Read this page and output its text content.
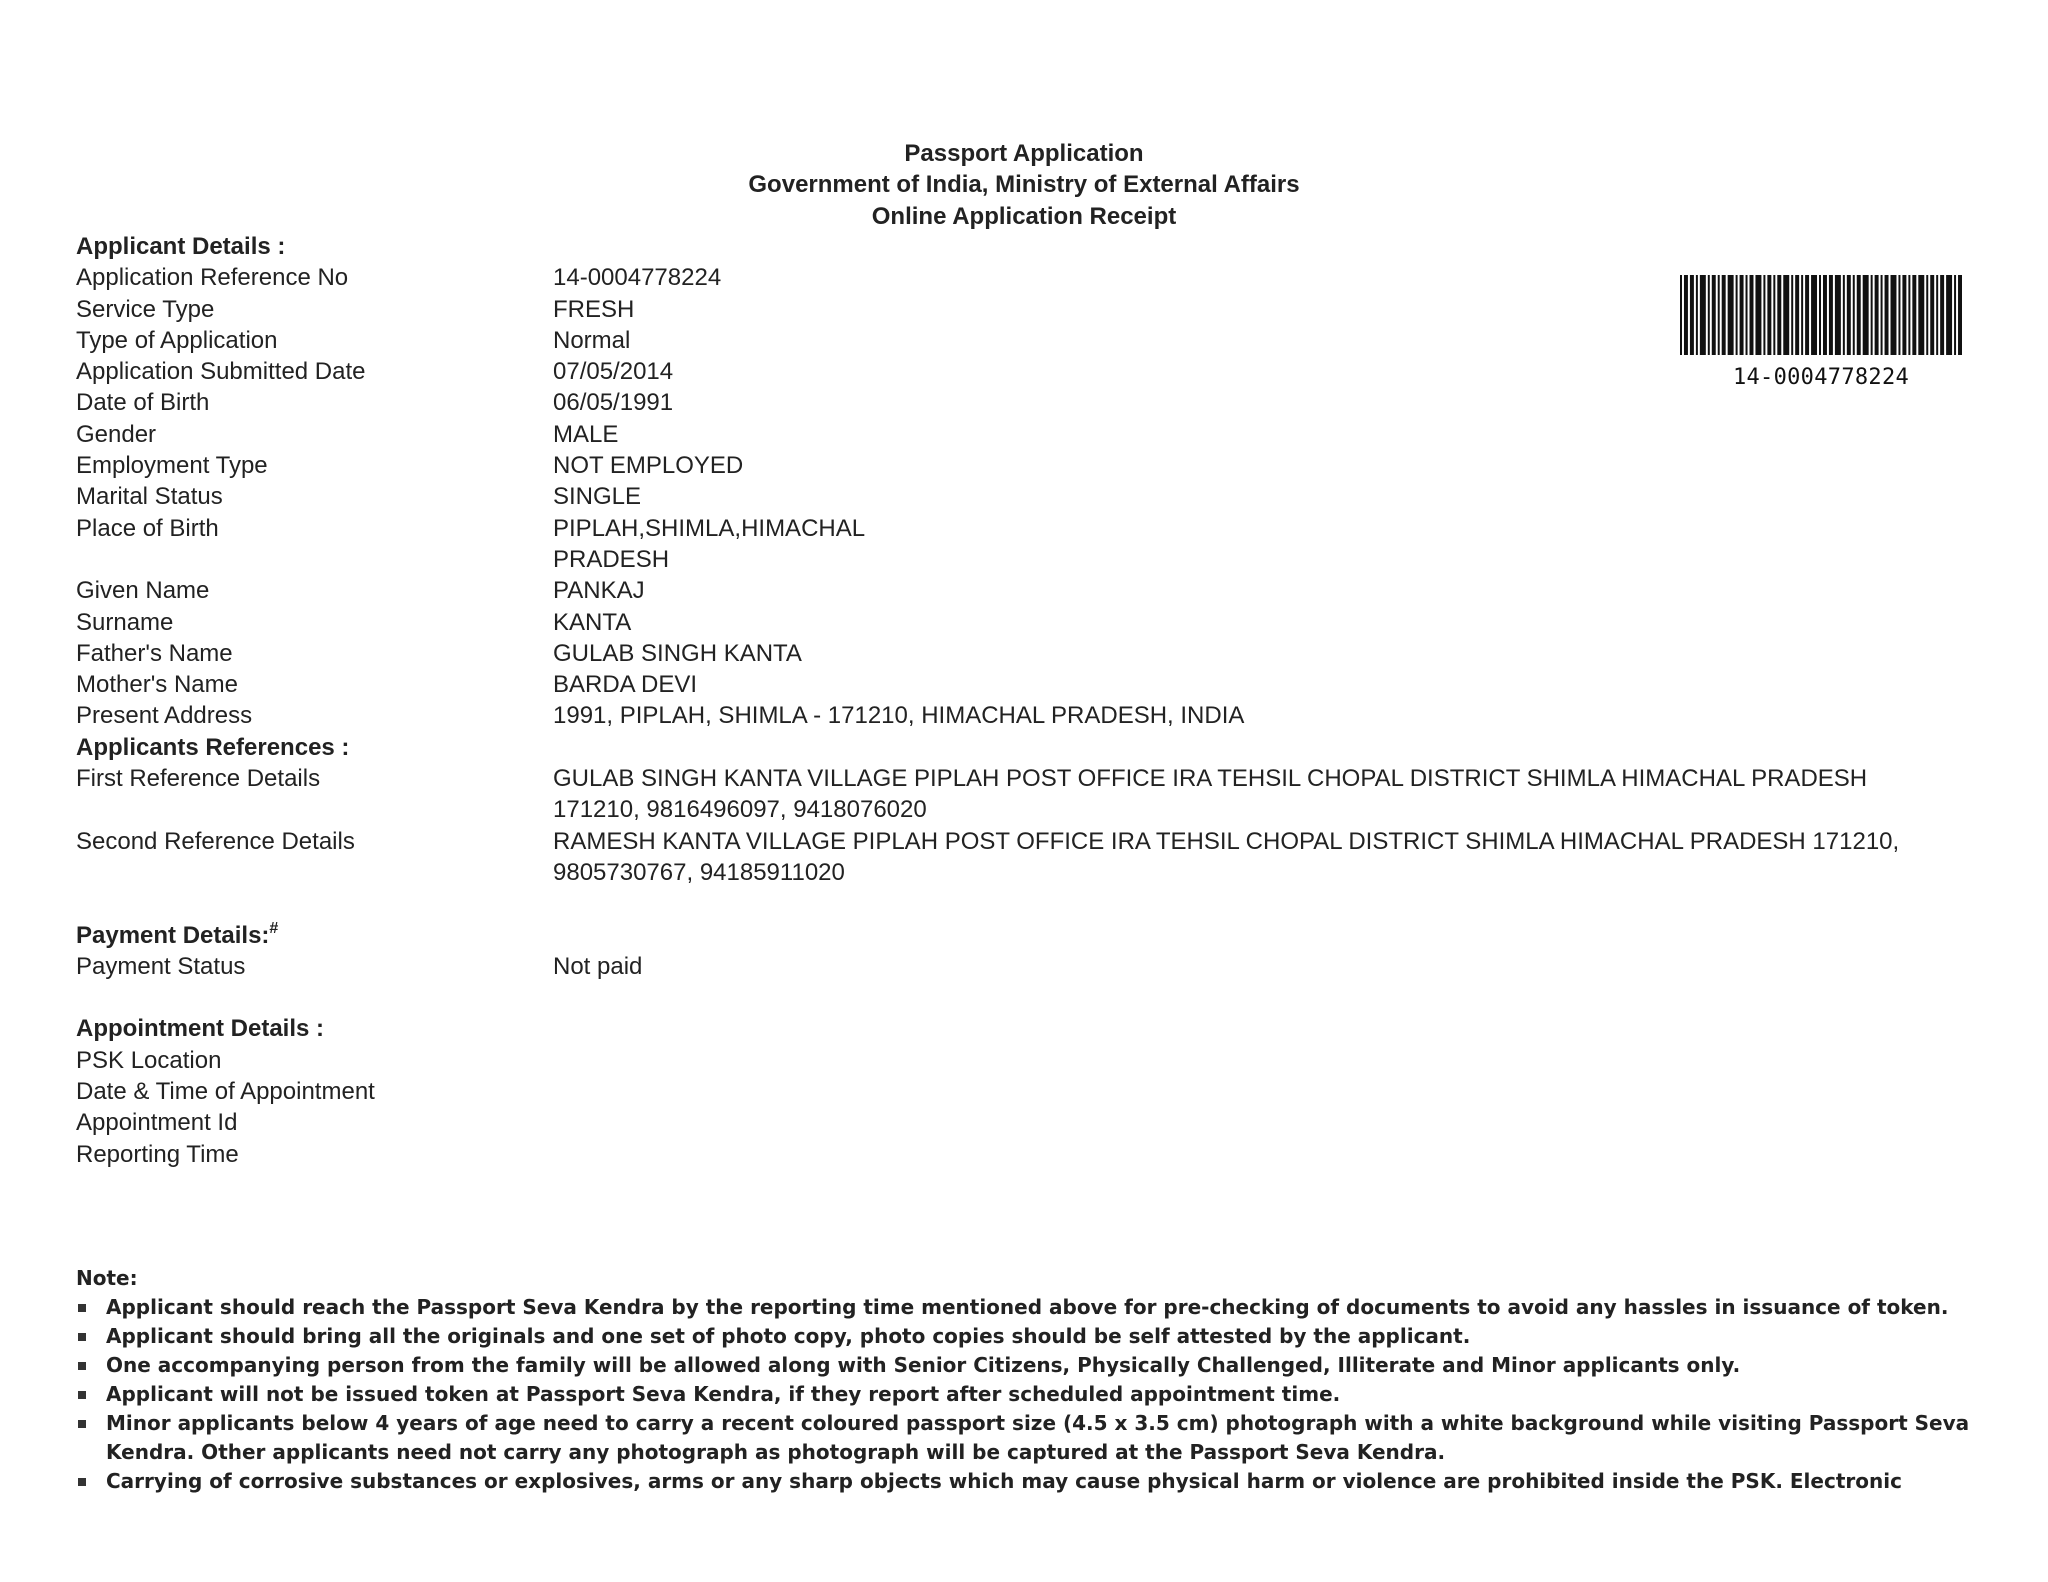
Passport Application
Government of India, Ministry of External Affairs
Online Application Receipt
14-0004778224
Applicant Details :
Application Reference No	14-0004778224
Service Type	FRESH
Type of Application	Normal
Application Submitted Date	07/05/2014
Date of Birth	06/05/1991
Gender	MALE
Employment Type	NOT EMPLOYED
Marital Status	SINGLE
Place of Birth	PIPLAH,SHIMLA,HIMACHAL
PRADESH
Given Name	PANKAJ
Surname	KANTA
Father's Name	GULAB SINGH KANTA
Mother's Name	BARDA DEVI
Present Address	1991, PIPLAH, SHIMLA - 171210, HIMACHAL PRADESH, INDIA
Applicants References :
First Reference Details	GULAB SINGH KANTA VILLAGE PIPLAH POST OFFICE IRA TEHSIL CHOPAL DISTRICT SHIMLA HIMACHAL PRADESH
171210, 9816496097, 9418076020
Second Reference Details	RAMESH KANTA VILLAGE PIPLAH POST OFFICE IRA TEHSIL CHOPAL DISTRICT SHIMLA HIMACHAL PRADESH 171210,
9805730767, 94185911020
Payment Details:#
Payment Status	Not paid
Appointment Details :
PSK Location
Date & Time of Appointment
Appointment Id
Reporting Time
Note:
Applicant should reach the Passport Seva Kendra by the reporting time mentioned above for pre-checking of documents to avoid any hassles in issuance of token.
Applicant should bring all the originals and one set of photo copy, photo copies should be self attested by the applicant.
One accompanying person from the family will be allowed along with Senior Citizens, Physically Challenged, Illiterate and Minor applicants only.
Applicant will not be issued token at Passport Seva Kendra, if they report after scheduled appointment time.
Minor applicants below 4 years of age need to carry a recent coloured passport size (4.5 x 3.5 cm) photograph with a white background while visiting Passport Seva Kendra. Other applicants need not carry any photograph as photograph will be captured at the Passport Seva Kendra.
Carrying of corrosive substances or explosives, arms or any sharp objects which may cause physical harm or violence are prohibited inside the PSK. Electronic
